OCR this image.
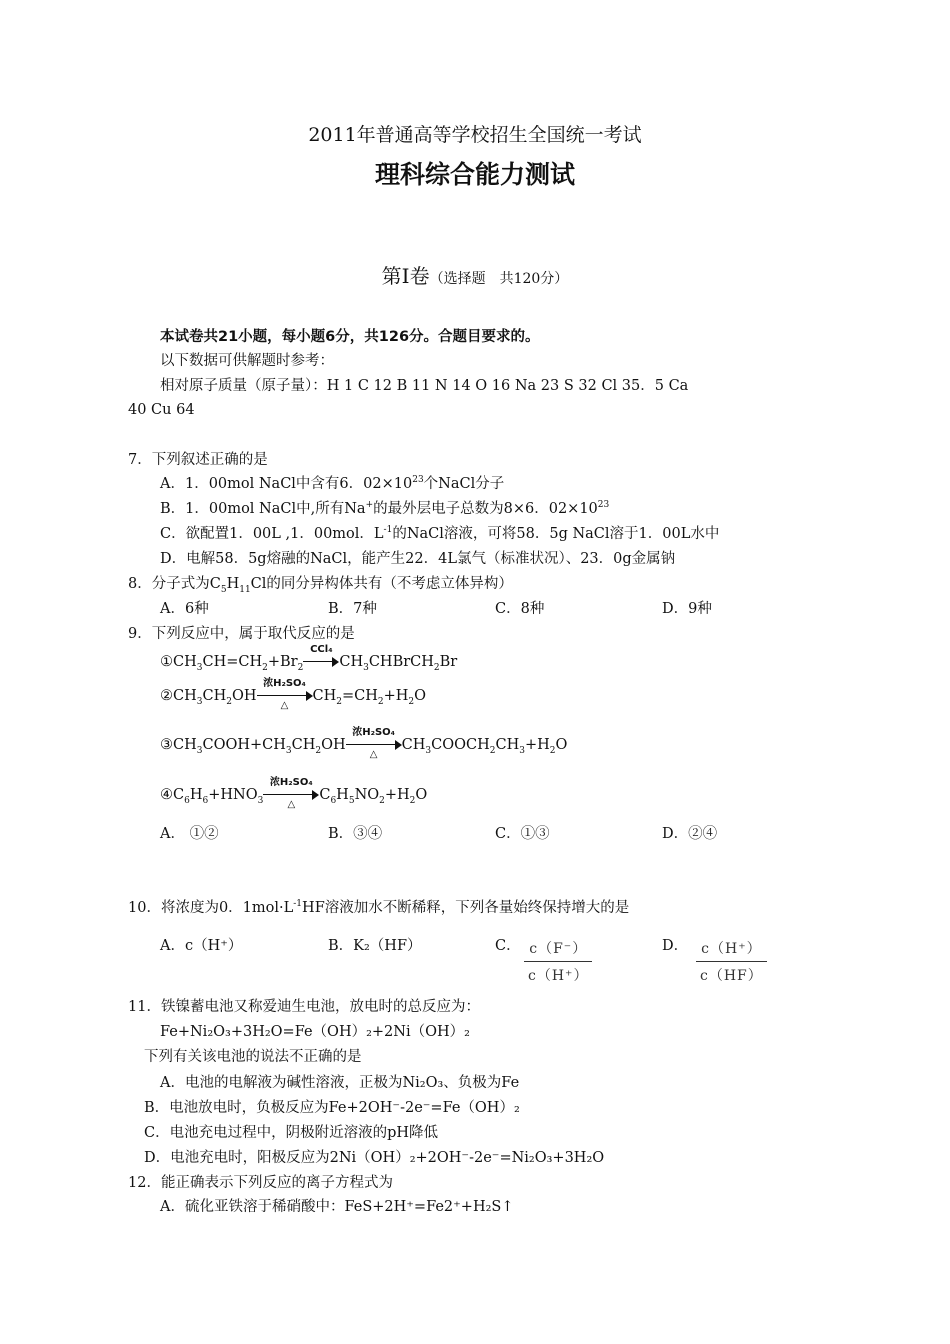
2011年普通高等学校招生全国统一考试
理科综合能力测试
第Ⅰ卷（选择题　共120分）
本试卷共21小题，每小题6分，共126分。合题目要求的。
以下数据可供解题时参考：
相对原子质量（原子量）：H 1 C 12 B 11 N 14 O 16 Na 23 S 32 Cl 35．5 Ca
40 Cu 64
7．下列叙述正确的是
A．1．00mol NaCl中含有6．$02\times 10^{23}$个NaCl分子
B．1．00mol NaCl中,所有Na+的最外层电子总数为8×6．$02\times 10^{23}$
C．欲配置1．00L ,1．00mol．$L^{-1}$的NaCl溶液，可将58．5g NaCl溶于1．00L水中
D．电解58．5g熔融的NaCl，能产生22．4L氯气（标准状况）、23．0g金属钠
8．分子式为$C_5H_{11}Cl$的同分异构体共有（不考虑立体异构）
A．6种	B．7种	C．8种	D．9种
9．下列反应中，属于取代反应的是
$①CH_3CH=CH_2+Br_2$
CCl₄
$CH_3CHBrCH_2Br$
$②CH_3CH_2OH$
浓H₂SO₄
△
$CH_2=CH_2+H_2O$
$③CH_3COOH+CH_3CH_2OH$
浓H₂SO₄
△
$CH_3COOCH_2CH_3+H_2O$
$④C_6H_6+HNO_3$
浓H₂SO₄
△
$C_6H_5NO_2+H_2O$
A． ①②	B．③④	C．①③	D．②④
10．将浓度为0．$1mol\cdot L^{-1}HF$溶液加水不断稀释，下列各量始终保持增大的是
A．c（H⁺）	B．K₂（HF）	C． c（F⁻）
c（H⁺）
D． c（H⁺）
c（HF）
11．铁镍蓄电池又称爱迪生电池，放电时的总反应为：
Fe+Ni₂O₃+3H₂O=Fe（OH）₂+2Ni（OH）₂
下列有关该电池的说法不正确的是
A．电池的电解液为碱性溶液，正极为Ni₂O₃、负极为Fe
B．电池放电时，负极反应为Fe+2OH⁻-2e⁻=Fe（OH）₂
C．电池充电过程中，阴极附近溶液的pH降低
D．电池充电时，阳极反应为2Ni（OH）₂+2OH⁻-2e⁻=Ni₂O₃+3H₂O
12．能正确表示下列反应的离子方程式为
A．硫化亚铁溶于稀硝酸中：FeS+2H⁺=Fe2⁺+H₂S↑
